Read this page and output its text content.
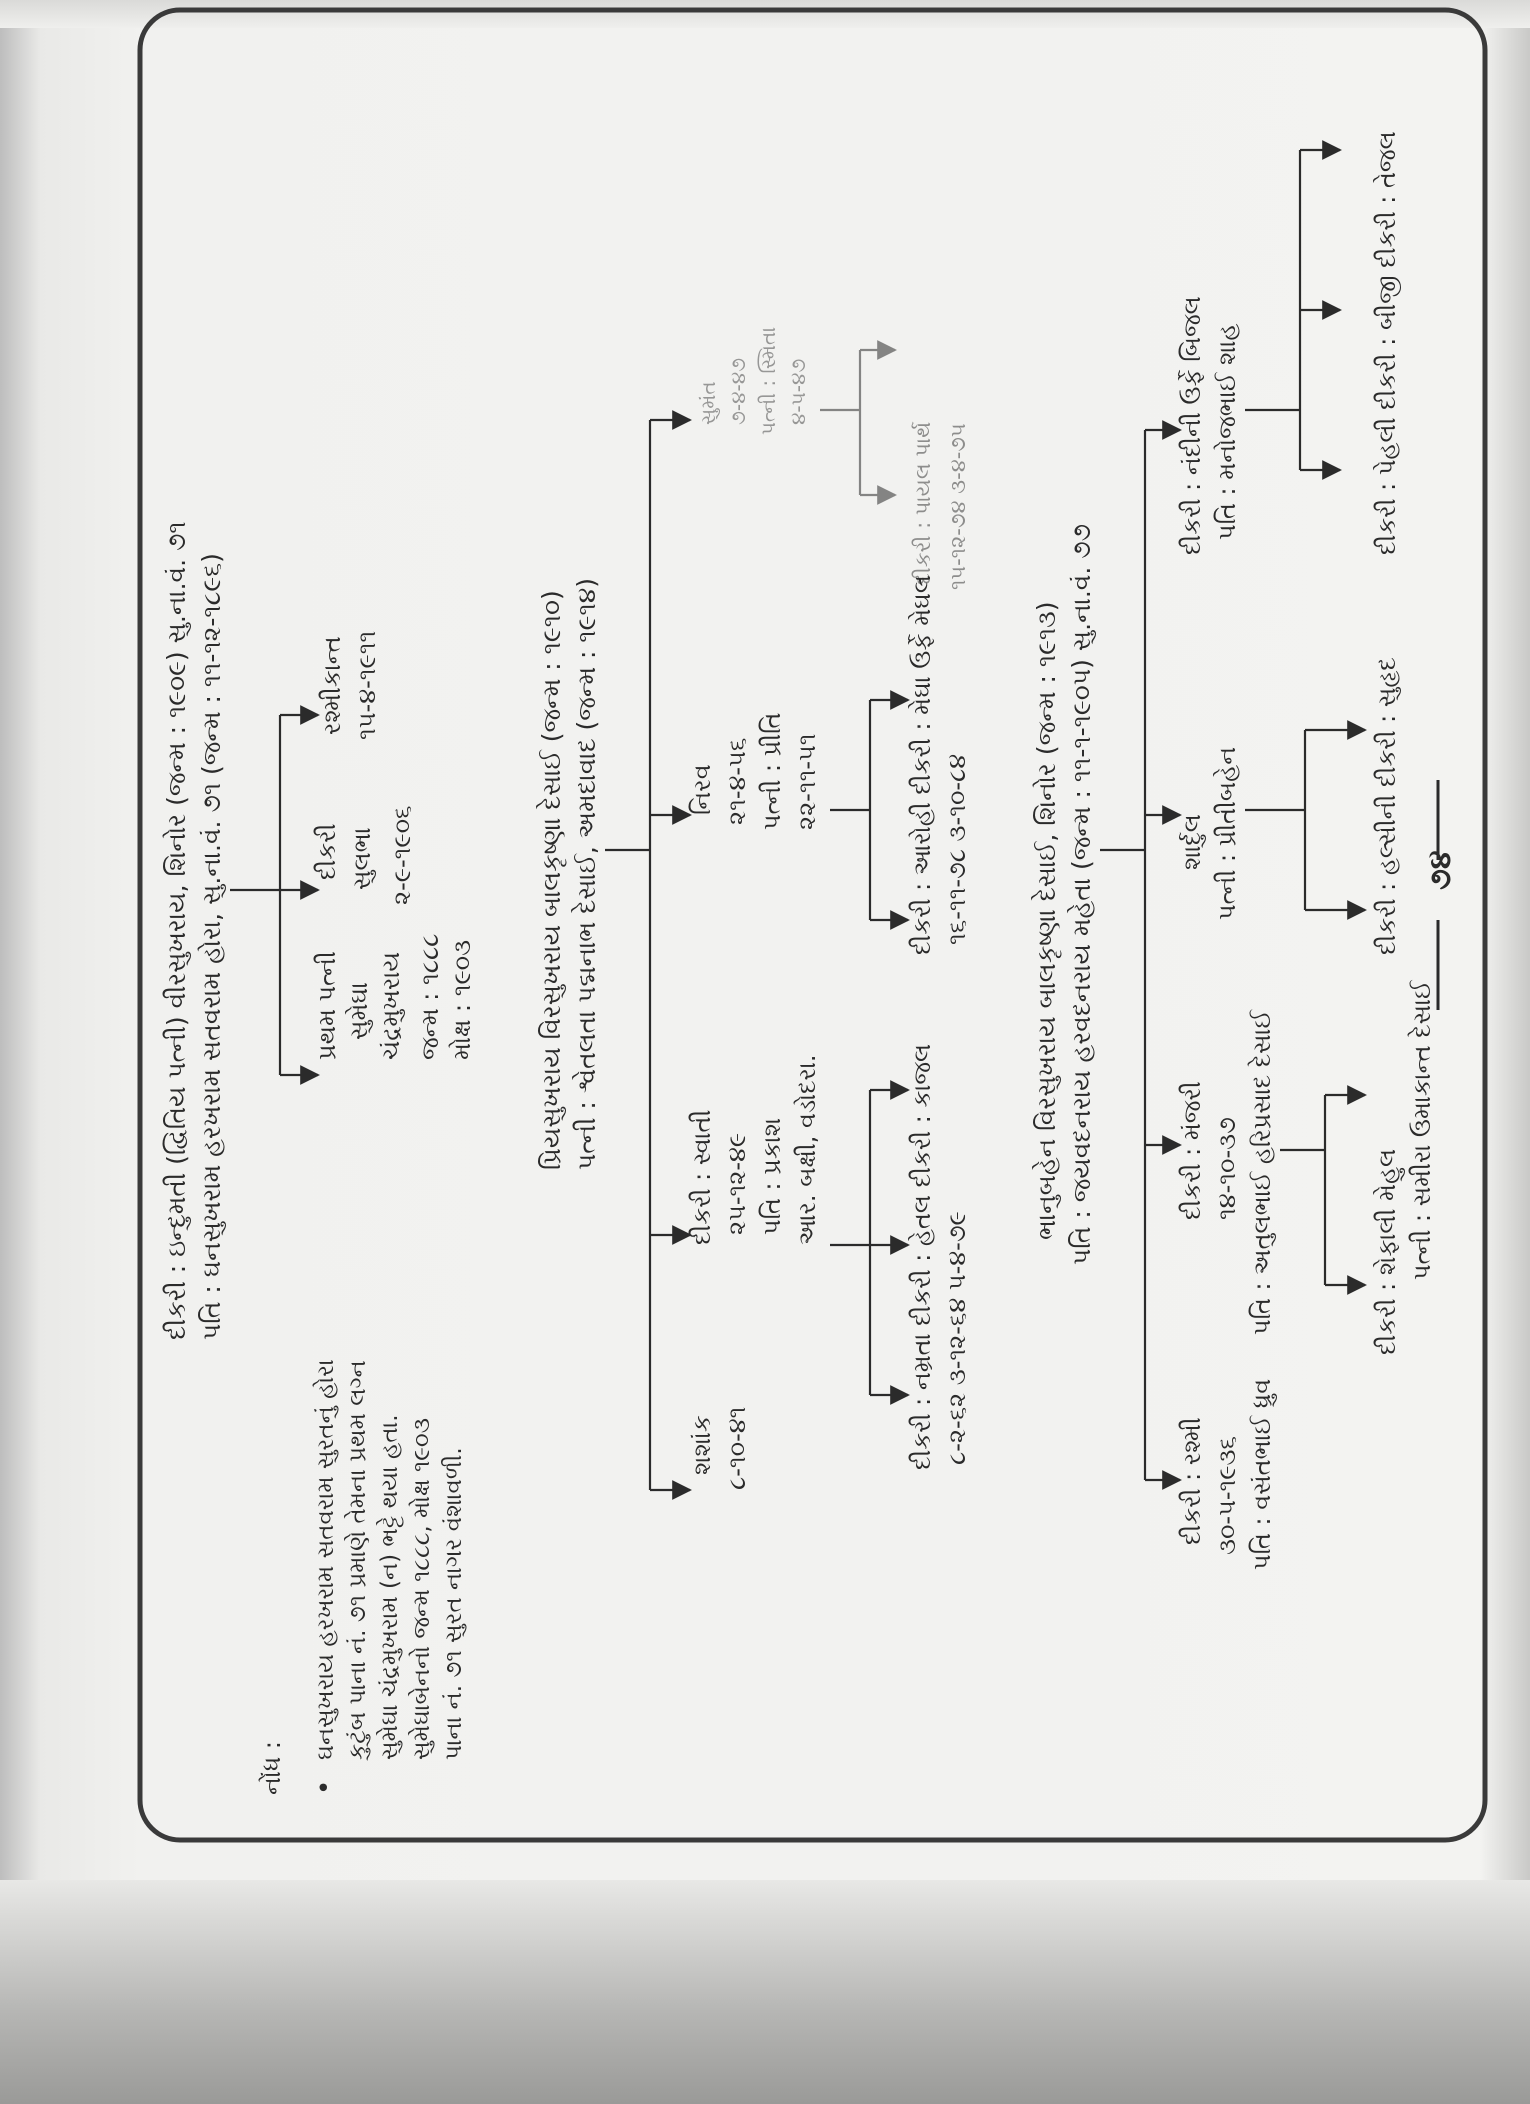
દીકરી : ઇન્દુમતી (દ્વિતિય પત્ની) વીરસુખરાય, શિનોર (જન્મ : ૧૯૦૯) સુ.ના.વં. ૭૧ પતિ : ઘનસુખરામ હરખરામ સતવરામ હોરા, સુ.ના.વં. ૭૧ (જન્મ : ૧૧-૧૨-૧૮૯૬)
નોંધ : •
ઘનસુખરાય હરખરામ સતવરામ સુરતનું હોરા કુટુંબ પાના નં. ૭૧ પ્રમાણે તેમના પ્રથમ લગ્ન સુમેઘા ચંદ્રમુખરામ (ન) ભટ્ટે થયા હતા. સુમેઘાબેનનો જન્મ ૧૮૮૮, મોક્ષ ૧૯૦૩ પાના નં. ૭૧ સુરત નાગર વંશાવળી.
પ્રથમ પત્ની સુમેઘા ચંદ્રમુખરાય જન્મ : ૧૮૮૮ મોક્ષ : ૧૯૦૩
દીકરી સુલભા ૨-૯-૧૯૦૬
રશ્મીકાન્ત ૧૫-૪-૧૯૧૧	પ્રિયસુખરાય વિરસુખરાય બાલકૃષ્ણા દેસાઈ (જન્મ : ૧૯૧૦) પત્ની : શ્વેતલતા પદ્મનાભ દેસાઈ, અમદાવાદ (જન્મ : ૧૯૧૪)
શશાંક ૮-૧૦-૪૧
દીકરી : સ્વાતી ૨૫-૧૨-૪૯ પતિ : પ્રકાશ આર. બક્ષી, વડોદરા.
નિરવ ૨૧-૪-૫૬ પત્ની : પ્રીતિ ૨૨-૧૧-૫૧
સુમંત ૭-૪-૪૭ પત્ની : સ્મિતા ૪-૫-૪૭
દીકરી : નમ્રતા દીકરી : હેતલ દીકરી : કાજલ ૮-૨-૬૨ ૩-૧૨-૬૪ ૫-૪-૭૯
દીકરી : આરોહી દીકરી : મેઘા ઉર્ફે મેઘલ ૧૬-૧૧-૭૮ ૩-૧૦-૮૪
દીકરી : પાયલ પાર્થ ૧૫-૧૨-૭૪ ૩-૪-૭૫
ભાનુબહેન વિરસુખરાય બાલકૃષ્ણા દેસાઈ, શિનોર (જન્મ : ૧૯૧૩) પતિ : જયવદનરાય હરવદનરાય મહેતા (જન્મ : ૧૧-૧-૧૯૦૫) સુ.ના.વં. ૭૭
દીકરી : રશ્મી ૩૦-૫-૧૯૩૬ પતિ : વસંતભાઈ ધ્રુવ
દીકરી : મંજરી ૧૪-૧૦-૩૭ પતિ : અતુલભાઈ હરિપ્રસાદ દેસાઈ
શાર્દુલ પત્ની : પ્રીતીબહેન
દીકરી : નંદીની ઉર્ફે બિજલ પતિ : મનોજભાઈ શાહ
દીકરી : શેફાલી મેહુલ પત્ની : સમીરા ઉમાકાન્ત દેસાઈ
દીકરી : હલ્સીની દીકરી : સુહૃદ
દીકરી : પેહલી દીકરી : બીજી દીકરી : તેજલ
૭૪
